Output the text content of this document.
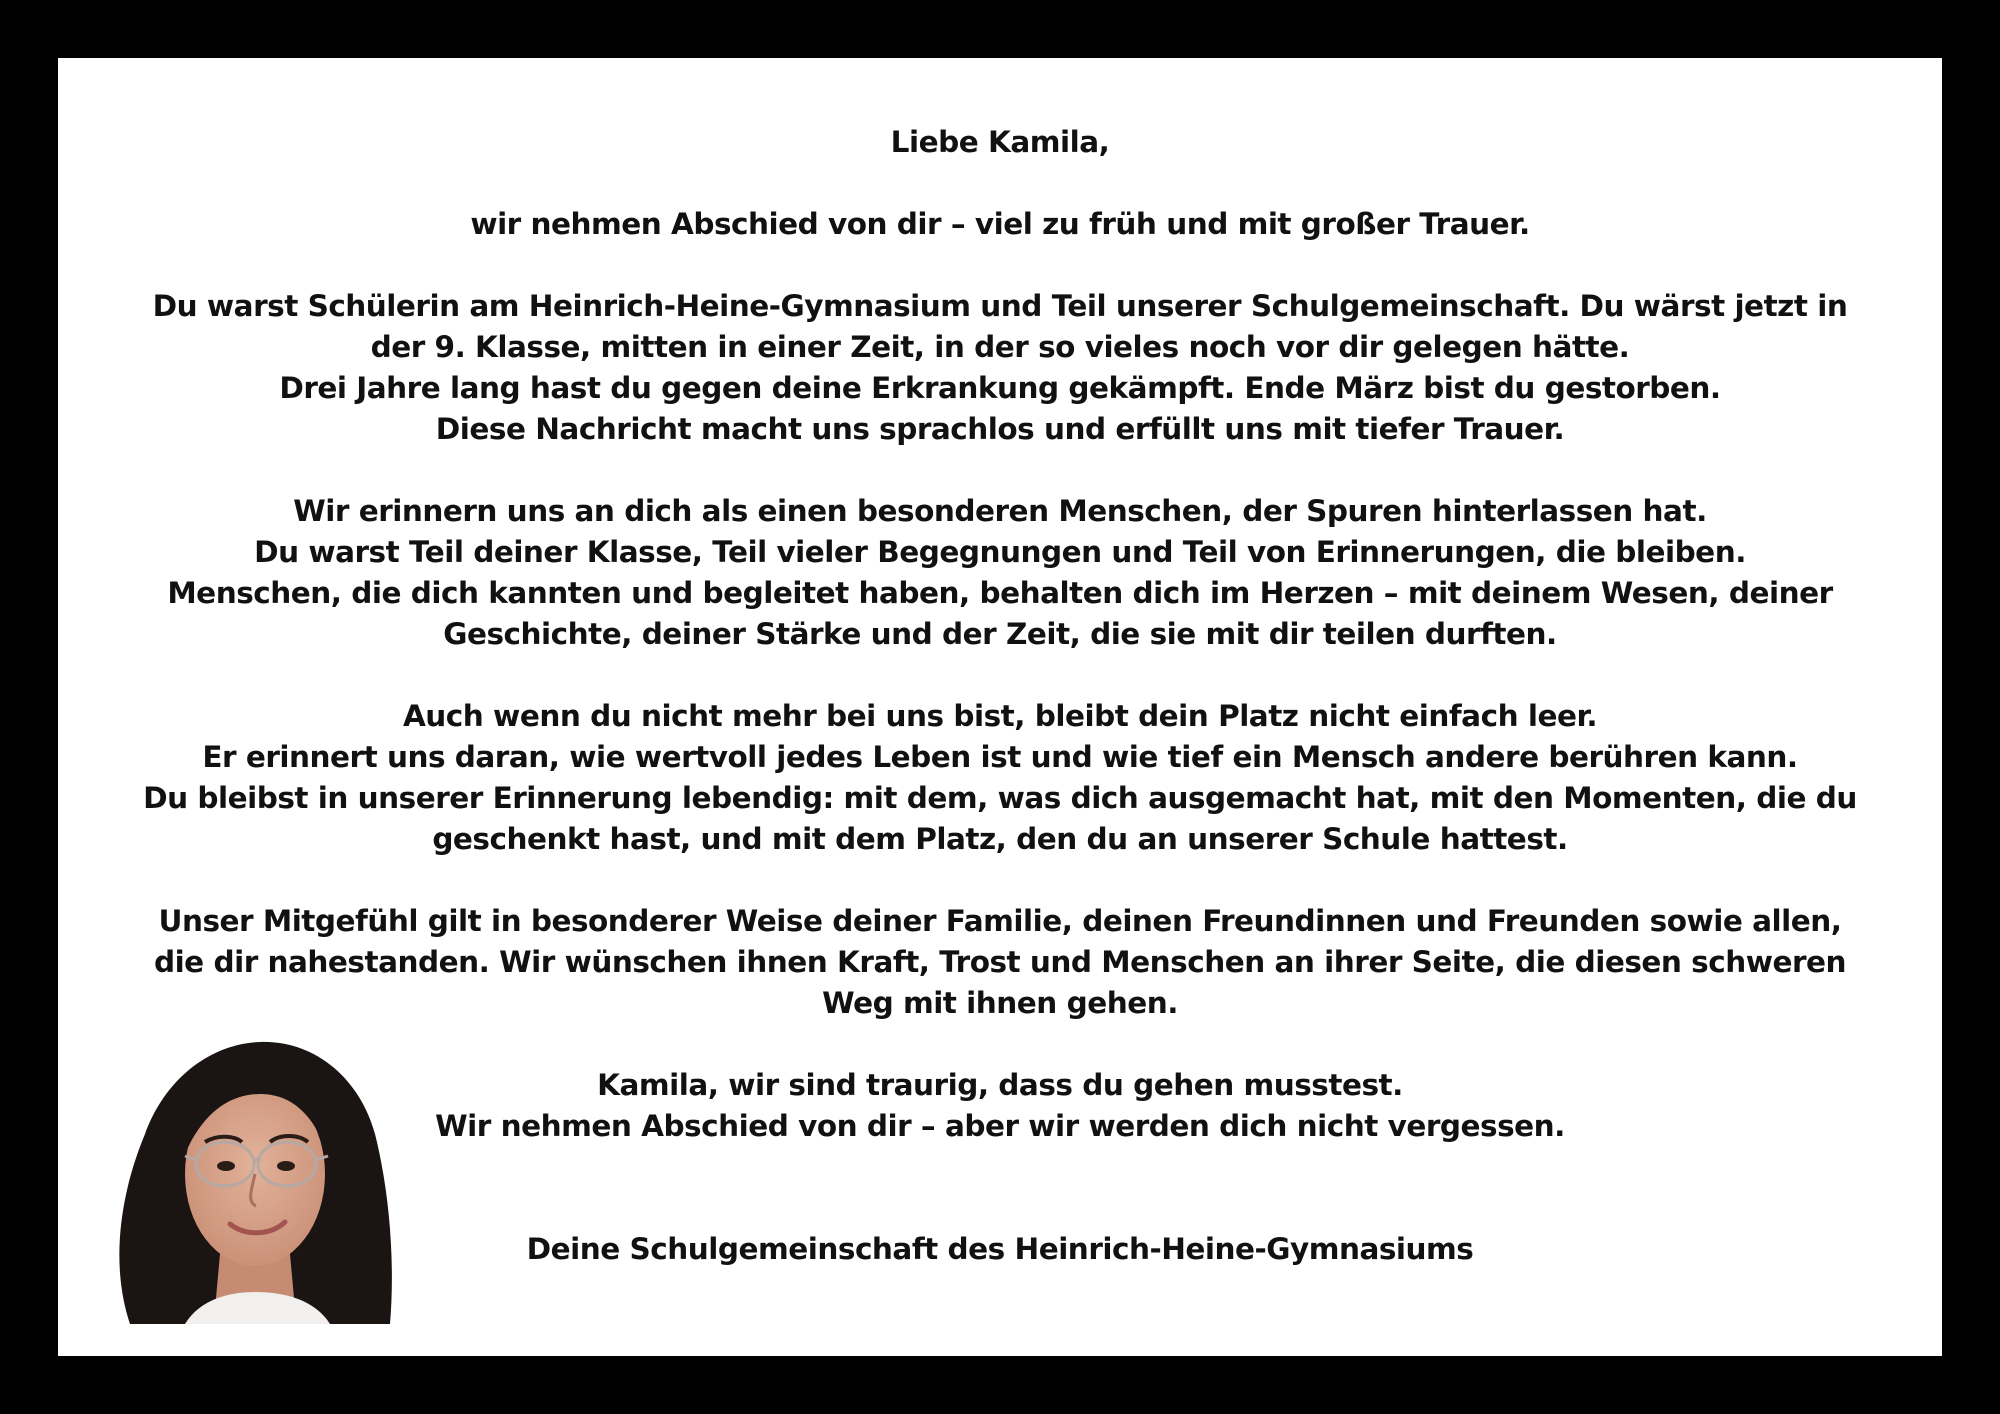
Liebe Kamila,
wir nehmen Abschied von dir – viel zu früh und mit großer Trauer.
Du warst Schülerin am Heinrich-Heine-Gymnasium und Teil unserer Schulgemeinschaft. Du wärst jetzt in
der 9. Klasse, mitten in einer Zeit, in der so vieles noch vor dir gelegen hätte.
Drei Jahre lang hast du gegen deine Erkrankung gekämpft. Ende März bist du gestorben.
Diese Nachricht macht uns sprachlos und erfüllt uns mit tiefer Trauer.
Wir erinnern uns an dich als einen besonderen Menschen, der Spuren hinterlassen hat.
Du warst Teil deiner Klasse, Teil vieler Begegnungen und Teil von Erinnerungen, die bleiben.
Menschen, die dich kannten und begleitet haben, behalten dich im Herzen – mit deinem Wesen, deiner
Geschichte, deiner Stärke und der Zeit, die sie mit dir teilen durften.
Auch wenn du nicht mehr bei uns bist, bleibt dein Platz nicht einfach leer.
Er erinnert uns daran, wie wertvoll jedes Leben ist und wie tief ein Mensch andere berühren kann.
Du bleibst in unserer Erinnerung lebendig: mit dem, was dich ausgemacht hat, mit den Momenten, die du
geschenkt hast, und mit dem Platz, den du an unserer Schule hattest.
Unser Mitgefühl gilt in besonderer Weise deiner Familie, deinen Freundinnen und Freunden sowie allen,
die dir nahestanden. Wir wünschen ihnen Kraft, Trost und Menschen an ihrer Seite, die diesen schweren
Weg mit ihnen gehen.
Kamila, wir sind traurig, dass du gehen musstest.
Wir nehmen Abschied von dir – aber wir werden dich nicht vergessen.
Deine Schulgemeinschaft des Heinrich-Heine-Gymnasiums
